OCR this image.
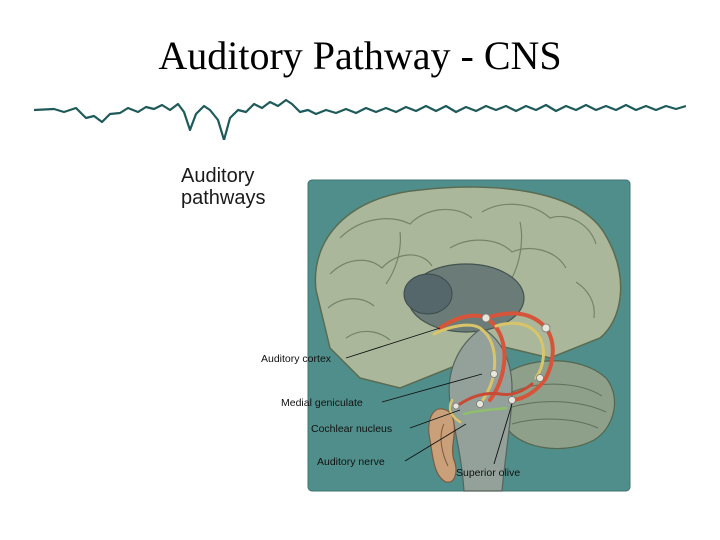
Auditory Pathway - CNS
Auditory
pathways
Auditory cortex
Medial geniculate
Cochlear nucleus
Auditory nerve
Superior olive
